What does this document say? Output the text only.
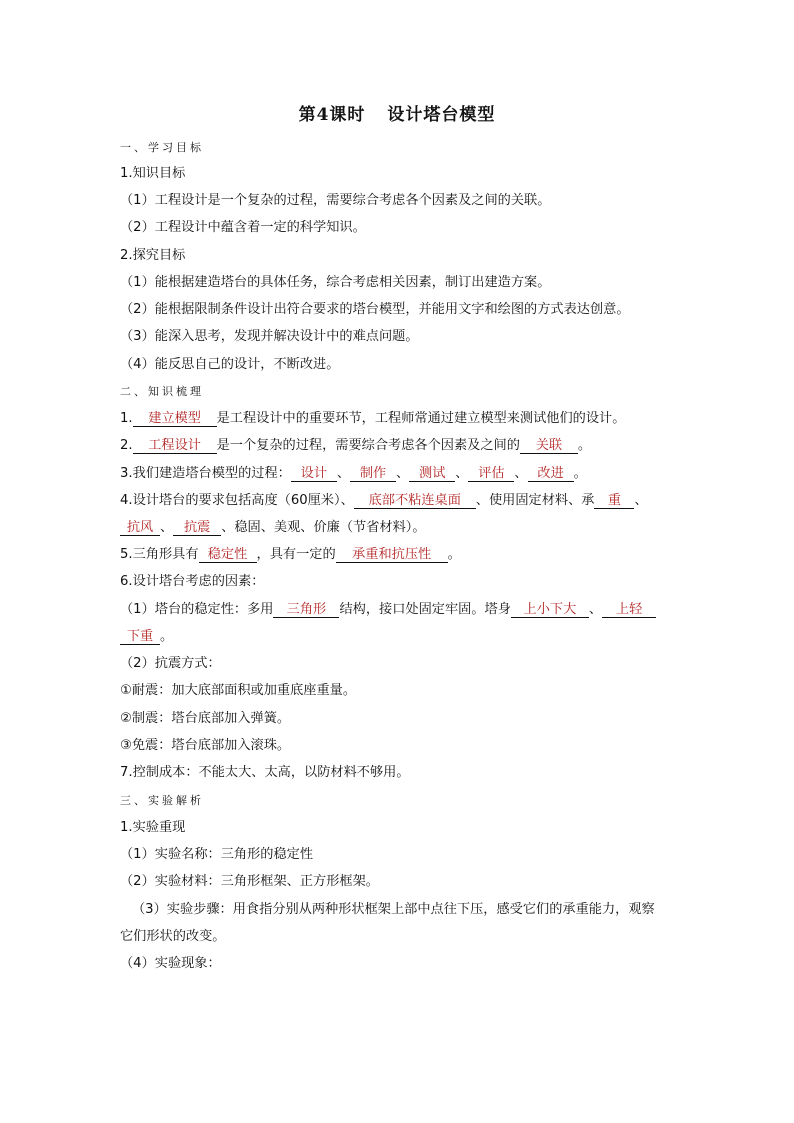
第4课时 设计塔台模型
一、学习目标
1.知识目标
（1）工程设计是一个复杂的过程，需要综合考虑各个因素及之间的关联。
（2）工程设计中蕴含着一定的科学知识。
2.探究目标
（1）能根据建造塔台的具体任务，综合考虑相关因素，制订出建造方案。
（2）能根据限制条件设计出符合要求的塔台模型，并能用文字和绘图的方式表达创意。
（3）能深入思考，发现并解决设计中的难点问题。
（4）能反思自己的设计，不断改进。
二、知识梳理
1. 建立模型 是工程设计中的重要环节，工程师常通过建立模型来测试他们的设计。
2. 工程设计 是一个复杂的过程，需要综合考虑各个因素及之间的 关联 。
3.我们建造塔台模型的过程： 设计 、 制作 、 测试 、 评估 、 改进 。
4.设计塔台的要求包括高度（60厘米）、 底部不粘连桌面 、使用固定材料、承 重 、
抗风 、 抗震 、稳固、美观、价廉（节省材料）。
5.三角形具有 稳定性 ，具有一定的 承重和抗压性 。
6.设计塔台考虑的因素：
（1）塔台的稳定性：多用 三角形 结构，接口处固定牢固。塔身 上小下大 、 上轻
下重 。
（2）抗震方式：
①耐震：加大底部面积或加重底座重量。
②制震：塔台底部加入弹簧。
③免震：塔台底部加入滚珠。
7.控制成本：不能太大、太高，以防材料不够用。
三、实验解析
1.实验重现
（1）实验名称：三角形的稳定性
（2）实验材料：三角形框架、正方形框架。
（3）实验步骤：用食指分别从两种形状框架上部中点往下压，感受它们的承重能力，观察
它们形状的改变。
（4）实验现象：
